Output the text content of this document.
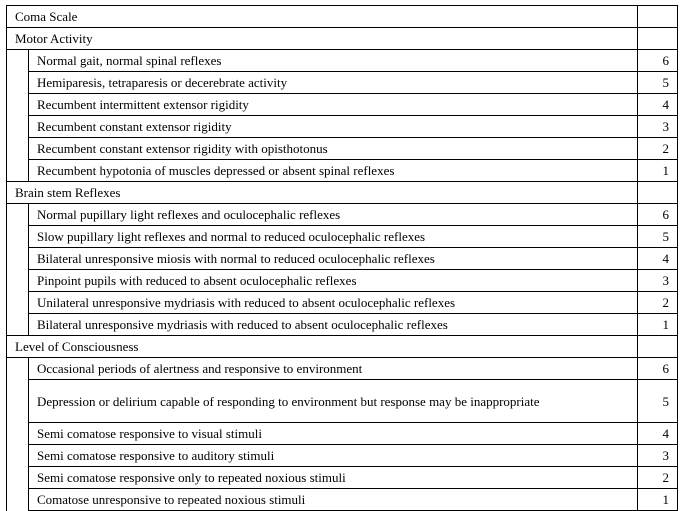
Coma Scale		
Motor Activity		
	Normal gait, normal spinal reflexes	6
	Hemiparesis, tetraparesis or decerebrate activity	5
	Recumbent intermittent extensor rigidity	4
	Recumbent constant extensor rigidity	3
	Recumbent constant extensor rigidity with opisthotonus	2
	Recumbent hypotonia of muscles depressed or absent spinal reflexes	1
Brain stem Reflexes		
	Normal pupillary light reflexes and oculocephalic reflexes	6
	Slow pupillary light reflexes and normal to reduced oculocephalic reflexes	5
	Bilateral unresponsive miosis with normal to reduced oculocephalic reflexes	4
	Pinpoint pupils with reduced to absent oculocephalic reflexes	3
	Unilateral unresponsive mydriasis with reduced to absent oculocephalic reflexes	2
	Bilateral unresponsive mydriasis with reduced to absent oculocephalic reflexes	1
Level of Consciousness		
	Occasional periods of alertness and responsive to environment	6
	Depression or delirium capable of responding to environment but response may be inappropriate	5
	Semi comatose responsive to visual stimuli	4
	Semi comatose responsive to auditory stimuli	3
	Semi comatose responsive only to repeated noxious stimuli	2
	Comatose unresponsive to repeated noxious stimuli	1
